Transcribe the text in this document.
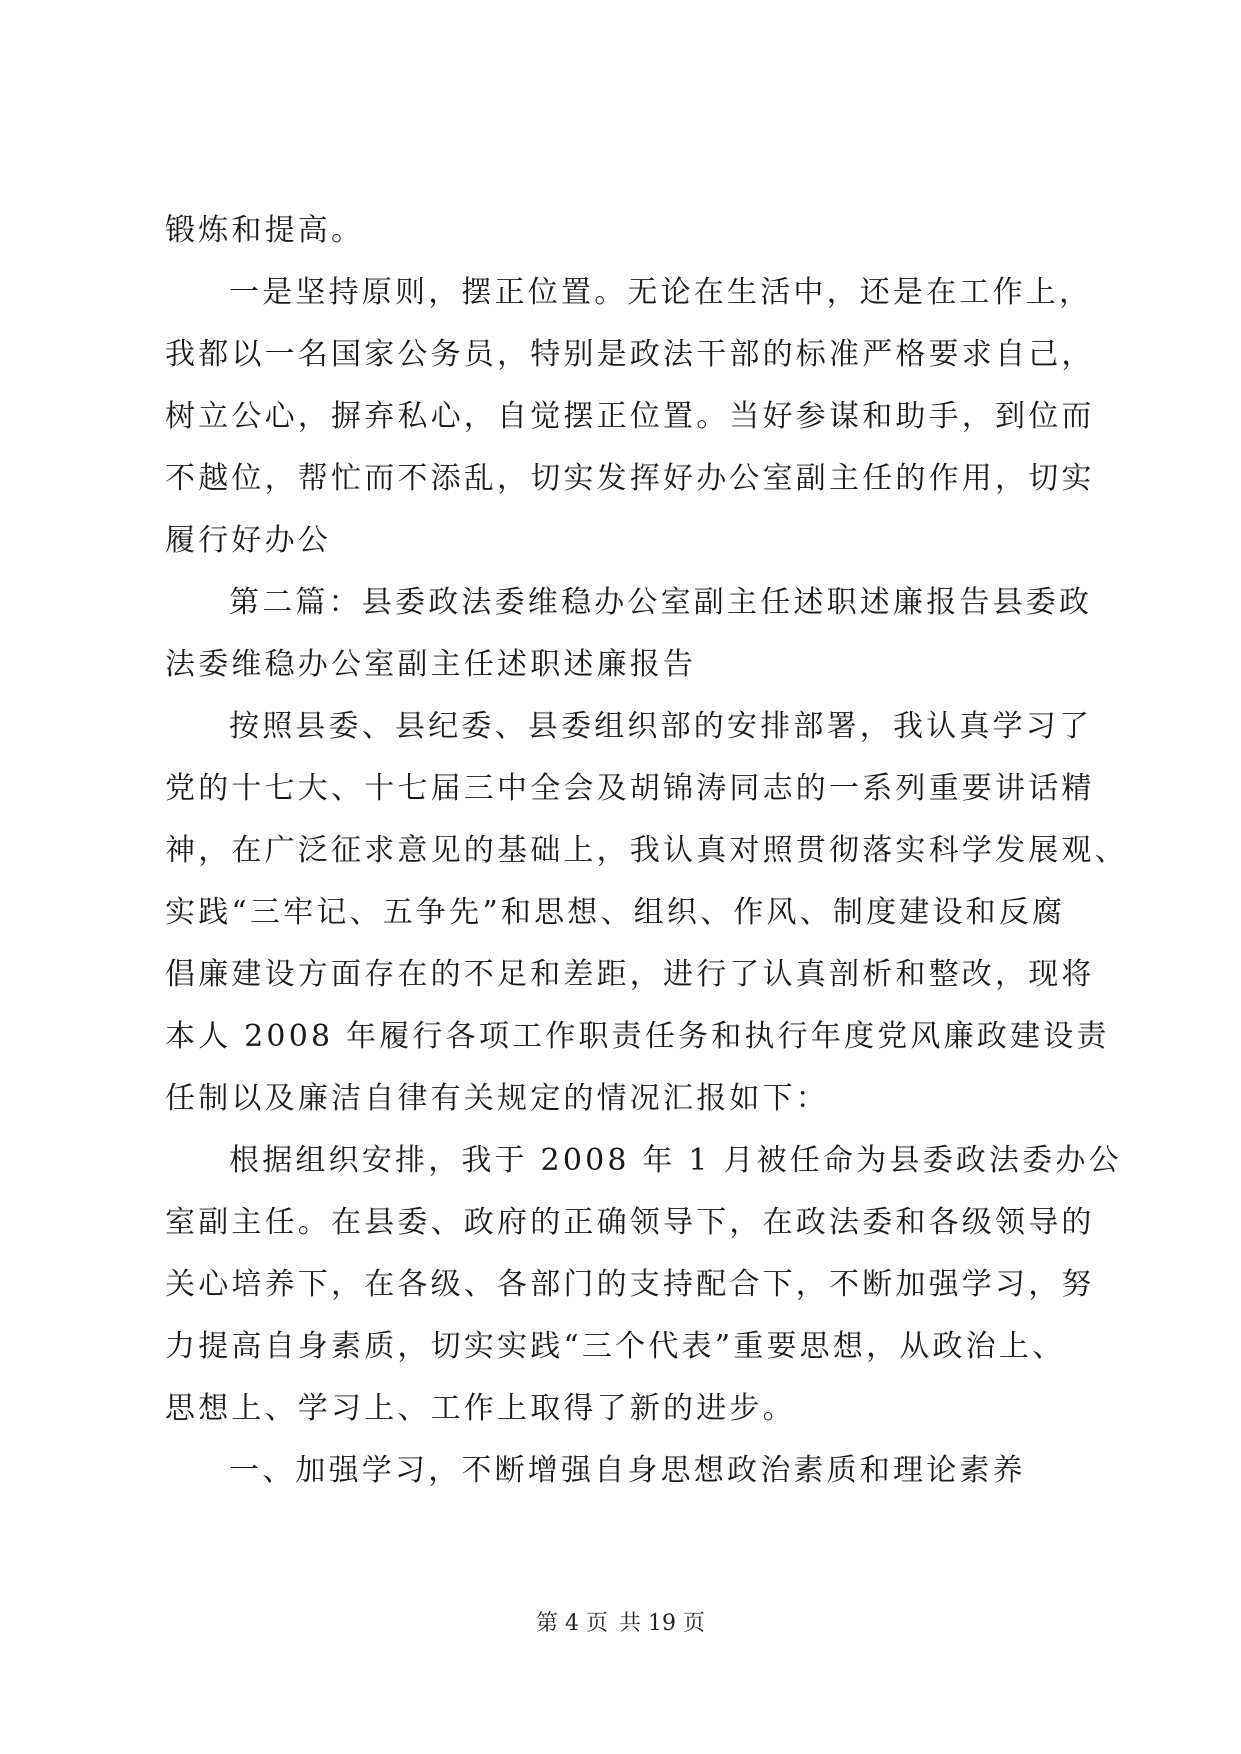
锻炼和提高。
一是坚持原则，摆正位置。无论在生活中，还是在工作上，
我都以一名国家公务员，特别是政法干部的标准严格要求自己，
树立公心，摒弃私心，自觉摆正位置。当好参谋和助手，到位而
不越位，帮忙而不添乱，切实发挥好办公室副主任的作用，切实
履行好办公
第二篇：县委政法委维稳办公室副主任述职述廉报告县委政
法委维稳办公室副主任述职述廉报告
按照县委、县纪委、县委组织部的安排部署，我认真学习了
党的十七大、十七届三中全会及胡锦涛同志的一系列重要讲话精
神，在广泛征求意见的基础上，我认真对照贯彻落实科学发展观、
实践“三牢记、五争先”和思想、组织、作风、制度建设和反腐
倡廉建设方面存在的不足和差距，进行了认真剖析和整改，现将
本人 2008 年履行各项工作职责任务和执行年度党风廉政建设责
任制以及廉洁自律有关规定的情况汇报如下：
根据组织安排，我于 2008 年 1 月被任命为县委政法委办公
室副主任。在县委、政府的正确领导下，在政法委和各级领导的
关心培养下，在各级、各部门的支持配合下，不断加强学习，努
力提高自身素质，切实实践“三个代表”重要思想，从政治上、
思想上、学习上、工作上取得了新的进步。
一、加强学习，不断增强自身思想政治素质和理论素养
第 4 页 共 19 页
